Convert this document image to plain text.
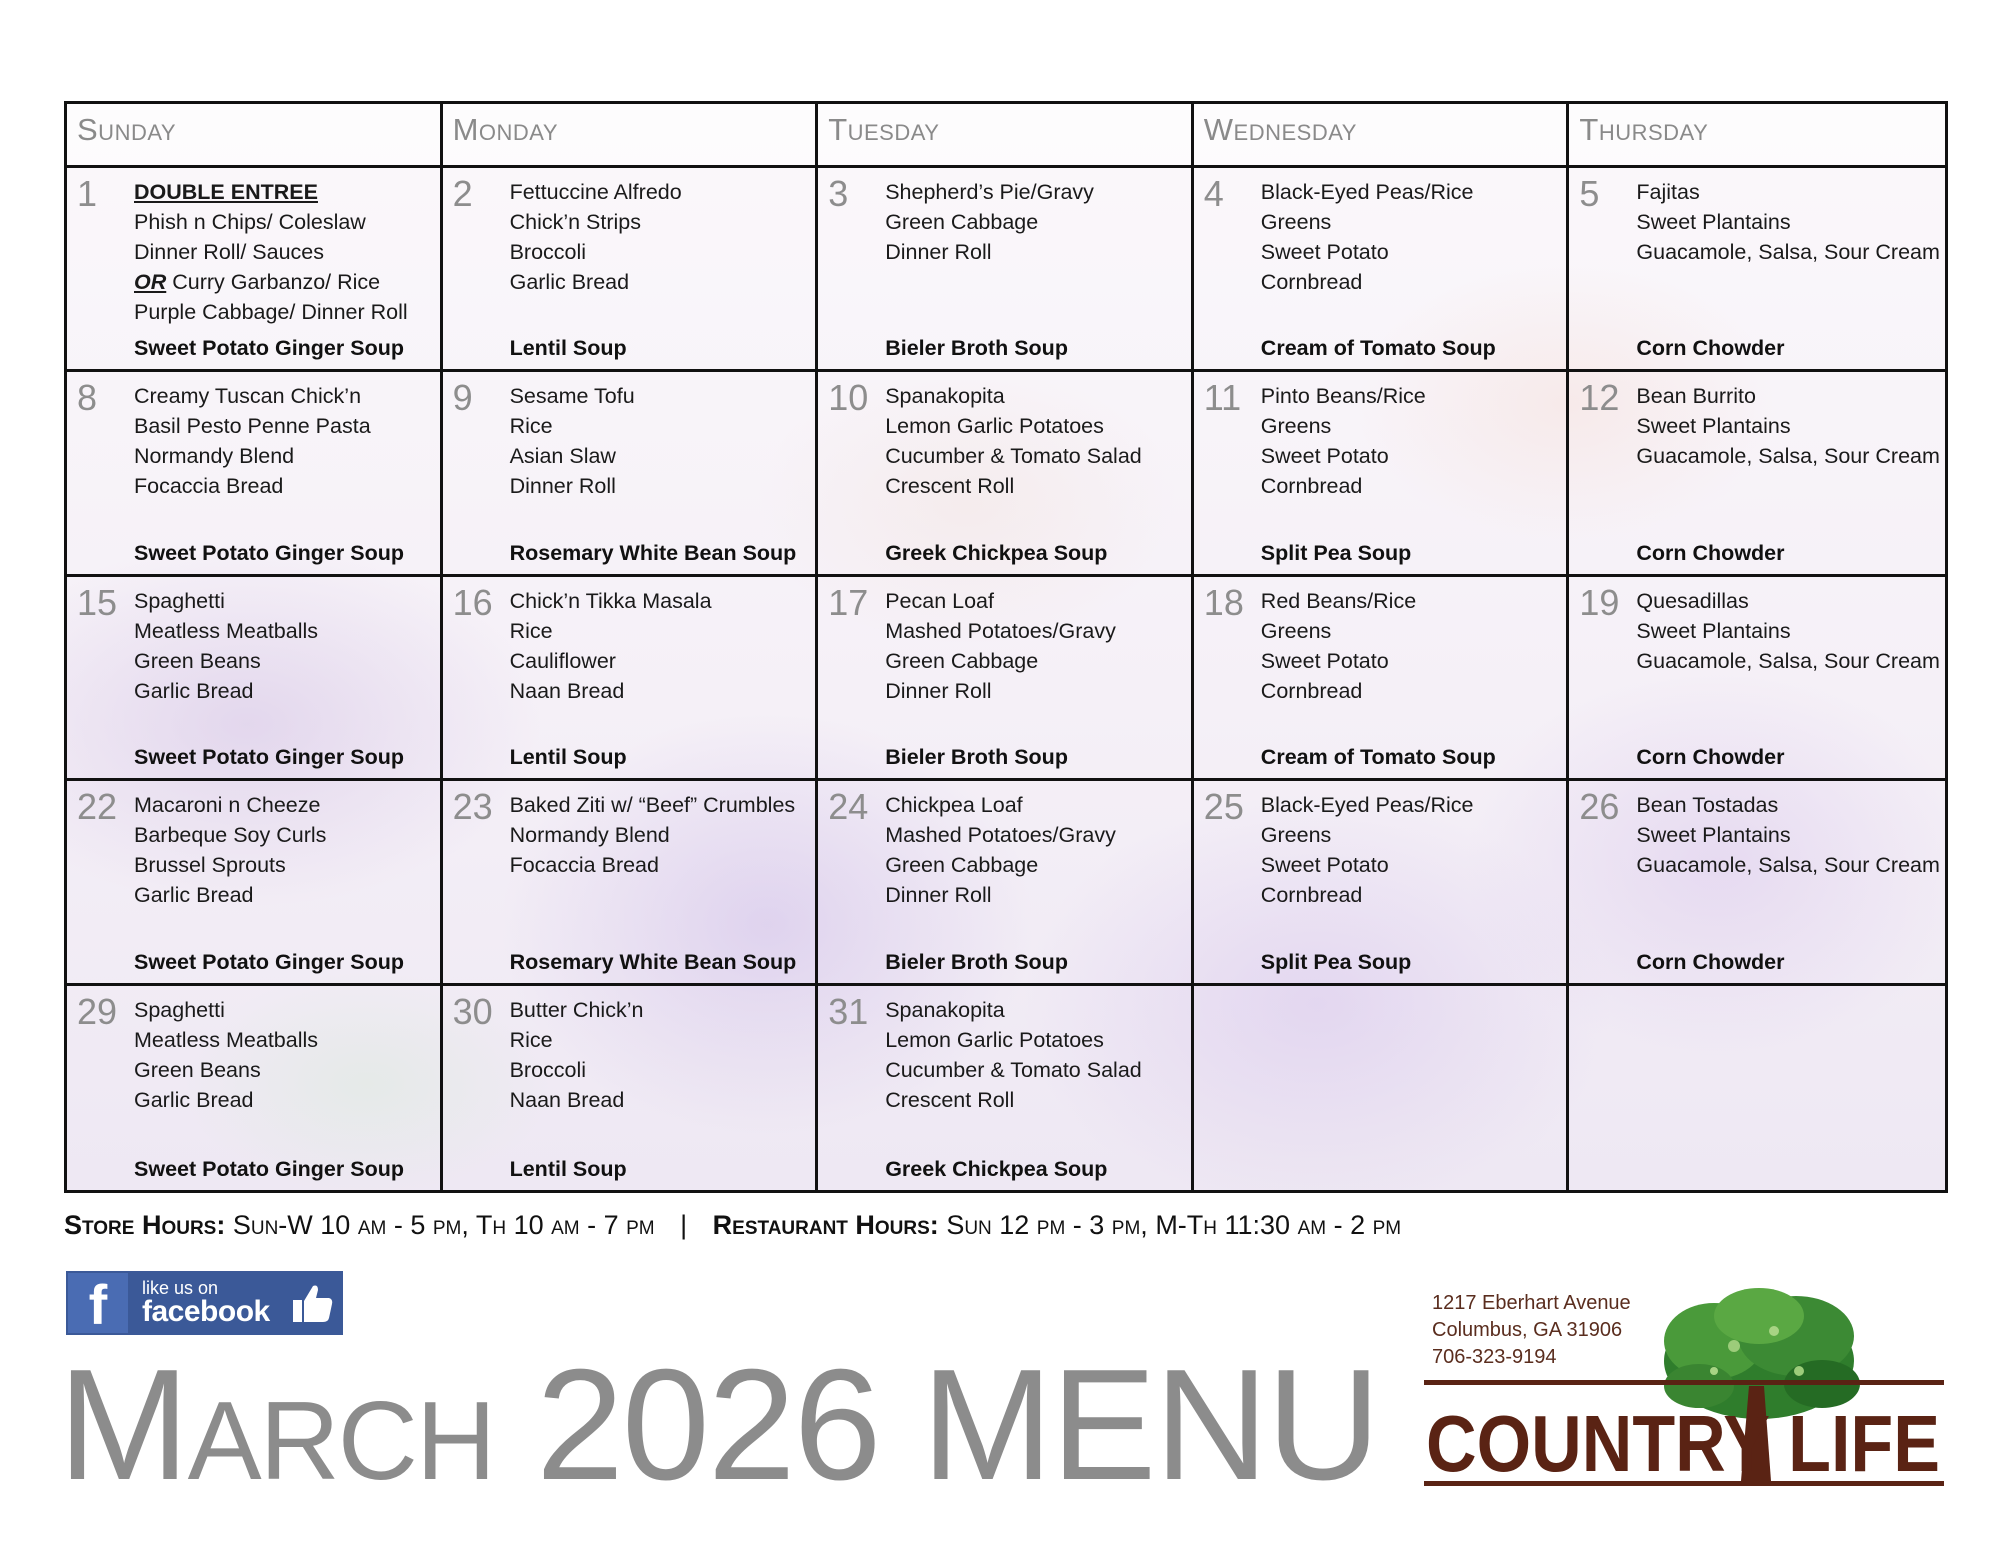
Sunday	Monday	Tuesday	Wednesday	Thursday
1 DOUBLE ENTREE
Phish n Chips/ Coleslaw
Dinner Roll/ Sauces
OR Curry Garbanzo/ Rice
Purple Cabbage/ Dinner Roll
Sweet Potato Ginger Soup
2 Fettuccine Alfredo
Chick’n Strips
Broccoli
Garlic Bread
Lentil Soup
3 Shepherd’s Pie/Gravy
Green Cabbage
Dinner Roll
Bieler Broth Soup
4 Black-Eyed Peas/Rice
Greens
Sweet Potato
Cornbread
Cream of Tomato Soup
5 Fajitas
Sweet Plantains
Guacamole, Salsa, Sour Cream
Corn Chowder
8 Creamy Tuscan Chick’n
Basil Pesto Penne Pasta
Normandy Blend
Focaccia Bread
Sweet Potato Ginger Soup
9 Sesame Tofu
Rice
Asian Slaw
Dinner Roll
Rosemary White Bean Soup
10 Spanakopita
Lemon Garlic Potatoes
Cucumber & Tomato Salad
Crescent Roll
Greek Chickpea Soup
11 Pinto Beans/Rice
Greens
Sweet Potato
Cornbread
Split Pea Soup
12 Bean Burrito
Sweet Plantains
Guacamole, Salsa, Sour Cream
Corn Chowder
15 Spaghetti
Meatless Meatballs
Green Beans
Garlic Bread
Sweet Potato Ginger Soup
16 Chick’n Tikka Masala
Rice
Cauliflower
Naan Bread
Lentil Soup
17 Pecan Loaf
Mashed Potatoes/Gravy
Green Cabbage
Dinner Roll
Bieler Broth Soup
18 Red Beans/Rice
Greens
Sweet Potato
Cornbread
Cream of Tomato Soup
19 Quesadillas
Sweet Plantains
Guacamole, Salsa, Sour Cream
Corn Chowder
22 Macaroni n Cheeze
Barbeque Soy Curls
Brussel Sprouts
Garlic Bread
Sweet Potato Ginger Soup
23 Baked Ziti w/ “Beef” Crumbles
Normandy Blend
Focaccia Bread
Rosemary White Bean Soup
24 Chickpea Loaf
Mashed Potatoes/Gravy
Green Cabbage
Dinner Roll
Bieler Broth Soup
25 Black-Eyed Peas/Rice
Greens
Sweet Potato
Cornbread
Split Pea Soup
26 Bean Tostadas
Sweet Plantains
Guacamole, Salsa, Sour Cream
Corn Chowder
29 Spaghetti
Meatless Meatballs
Green Beans
Garlic Bread
Sweet Potato Ginger Soup
30 Butter Chick’n
Rice
Broccoli
Naan Bread
Lentil Soup
31 Spanakopita
Lemon Garlic Potatoes
Cucumber & Tomato Salad
Crescent Roll
Greek Chickpea Soup
Store Hours: Sun-W 10 am - 5 pm, Th 10 am - 7 pm | Restaurant Hours: Sun 12 pm - 3 pm, M-Th 11:30 am - 2 pm
f	like us on
facebook
March 2026 MENU
1217 Eberhart Avenue
Columbus, GA 31906
706-323-9194
COUNTRY LIFE
